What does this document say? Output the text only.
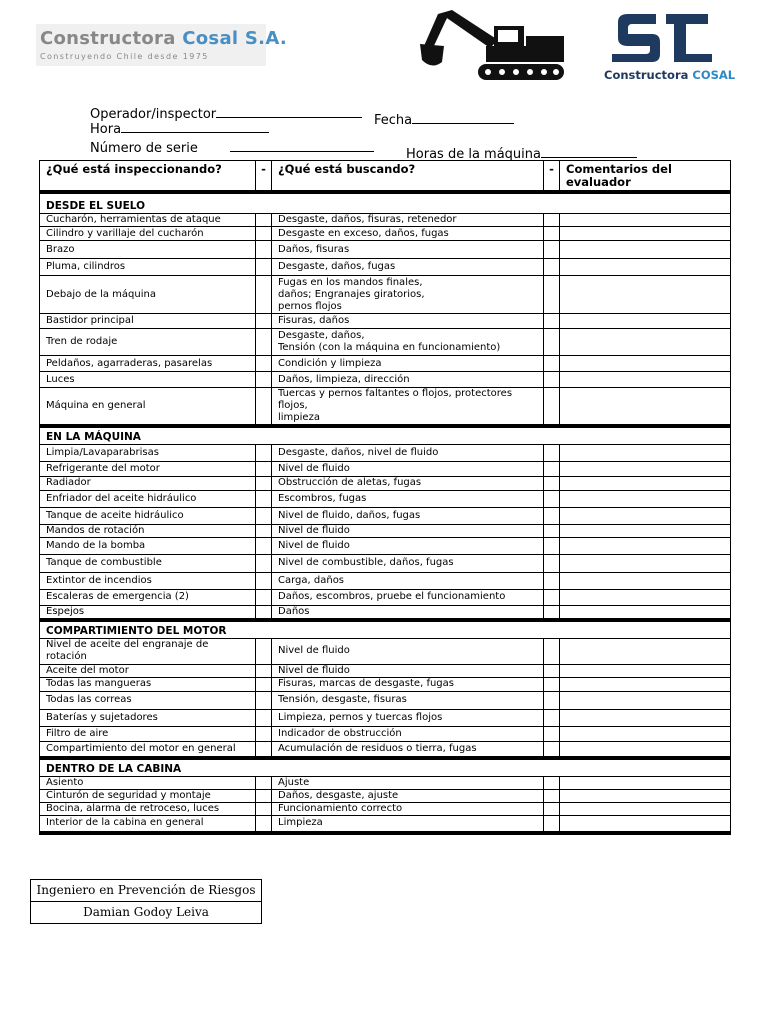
Constructora Cosal S.A.
Construyendo Chile desde 1975
Constructora COSAL
Operador/inspector	Fecha
Hora
Número de serie	Horas de la máquina
¿Qué está inspeccionando?	-	¿Qué está buscando?	-	Comentarios del evaluador
DESDE EL SUELO				
Cucharón, herramientas de ataque		Desgaste, daños, fisuras, retenedor		
Cilindro y varillaje del cucharón		Desgaste en exceso, daños, fugas		
Brazo		Daños, fisuras		
Pluma, cilindros		Desgaste, daños, fugas		
Debajo de la máquina		Fugas en los mandos finales,
daños; Engranajes giratorios,
pernos flojos		
Bastidor principal		Fisuras, daños		
Tren de rodaje		Desgaste, daños,
Tensión (con la máquina en funcionamiento)		
Peldaños, agarraderas, pasarelas		Condición y limpieza		
Luces		Daños, limpieza, dirección		
Máquina en general		Tuercas y pernos faltantes o flojos, protectores
flojos,
limpieza		
EN LA MÁQUINA				
Limpia/Lavaparabrisas		Desgaste, daños, nivel de fluido		
Refrigerante del motor		Nivel de fluido		
Radiador		Obstrucción de aletas, fugas		
Enfriador del aceite hidráulico		Escombros, fugas		
Tanque de aceite hidráulico		Nivel de fluido, daños, fugas		
Mandos de rotación		Nivel de fluido		
Mando de la bomba		Nivel de fluido		
Tanque de combustible		Nivel de combustible, daños, fugas		
Extintor de incendios		Carga, daños		
Escaleras de emergencia (2)		Daños, escombros, pruebe el funcionamiento		
Espejos		Daños		
COMPARTIMIENTO DEL MOTOR				
Nivel de aceite del engranaje de
rotación		Nivel de fluido		
Aceite del motor		Nivel de fluido		
Todas las mangueras		Fisuras, marcas de desgaste, fugas		
Todas las correas		Tensión, desgaste, fisuras		
Baterías y sujetadores		Limpieza, pernos y tuercas flojos		
Filtro de aire		Indicador de obstrucción		
Compartimiento del motor en general		Acumulación de residuos o tierra, fugas		
DENTRO DE LA CABINA				
Asiento		Ajuste		
Cinturón de seguridad y montaje		Daños, desgaste, ajuste		
Bocina, alarma de retroceso, luces		Funcionamiento correcto		
Interior de la cabina en general		Limpieza		
Ingeniero en Prevención de Riesgos
Damian Godoy Leiva
